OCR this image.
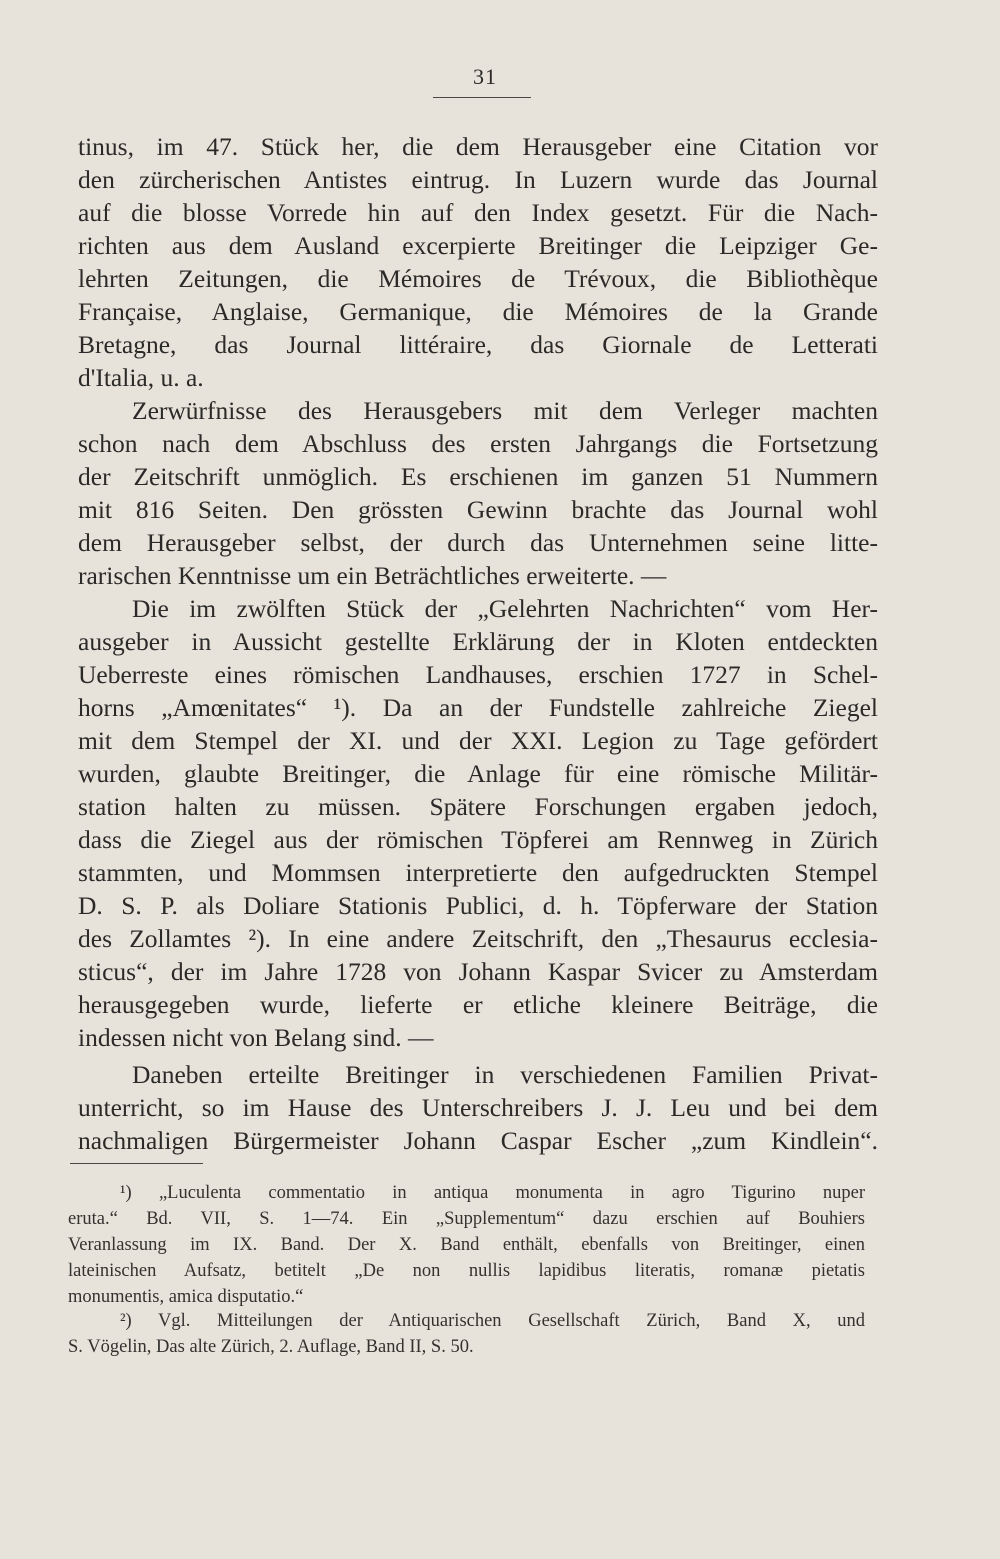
31
tinus, im 47. Stück her, die dem Herausgeber eine Citation vor
den zürcherischen Antistes eintrug. In Luzern wurde das Journal
auf die blosse Vorrede hin auf den Index gesetzt. Für die Nach-
richten aus dem Ausland excerpierte Breitinger die Leipziger Ge-
lehrten Zeitungen, die Mémoires de Trévoux, die Bibliothèque
Française, Anglaise, Germanique, die Mémoires de la Grande
Bretagne, das Journal littéraire, das Giornale de Letterati
d'Italia, u. a.
Zerwürfnisse des Herausgebers mit dem Verleger machten
schon nach dem Abschluss des ersten Jahrgangs die Fortsetzung
der Zeitschrift unmöglich. Es erschienen im ganzen 51 Nummern
mit 816 Seiten. Den grössten Gewinn brachte das Journal wohl
dem Herausgeber selbst, der durch das Unternehmen seine litte-
rarischen Kenntnisse um ein Beträchtliches erweiterte. —
Die im zwölften Stück der „Gelehrten Nachrichten“ vom Her-
ausgeber in Aussicht gestellte Erklärung der in Kloten entdeckten
Ueberreste eines römischen Landhauses, erschien 1727 in Schel-
horns „Amœnitates“ ¹). Da an der Fundstelle zahlreiche Ziegel
mit dem Stempel der XI. und der XXI. Legion zu Tage gefördert
wurden, glaubte Breitinger, die Anlage für eine römische Militär-
station halten zu müssen. Spätere Forschungen ergaben jedoch,
dass die Ziegel aus der römischen Töpferei am Rennweg in Zürich
stammten, und Mommsen interpretierte den aufgedruckten Stempel
D. S. P. als Doliare Stationis Publici, d. h. Töpferware der Station
des Zollamtes ²). In eine andere Zeitschrift, den „Thesaurus ecclesia-
sticus“, der im Jahre 1728 von Johann Kaspar Svicer zu Amsterdam
herausgegeben wurde, lieferte er etliche kleinere Beiträge, die
indessen nicht von Belang sind. —
Daneben erteilte Breitinger in verschiedenen Familien Privat-
unterricht, so im Hause des Unterschreibers J. J. Leu und bei dem
nachmaligen Bürgermeister Johann Caspar Escher „zum Kindlein“.
¹) „Luculenta commentatio in antiqua monumenta in agro Tigurino nuper
eruta.“ Bd. VII, S. 1—74. Ein „Supplementum“ dazu erschien auf Bouhiers
Veranlassung im IX. Band. Der X. Band enthält, ebenfalls von Breitinger, einen
lateinischen Aufsatz, betitelt „De non nullis lapidibus literatis, romanæ pietatis
monumentis, amica disputatio.“
²) Vgl. Mitteilungen der Antiquarischen Gesellschaft Zürich, Band X, und
S. Vögelin, Das alte Zürich, 2. Auflage, Band II, S. 50.
